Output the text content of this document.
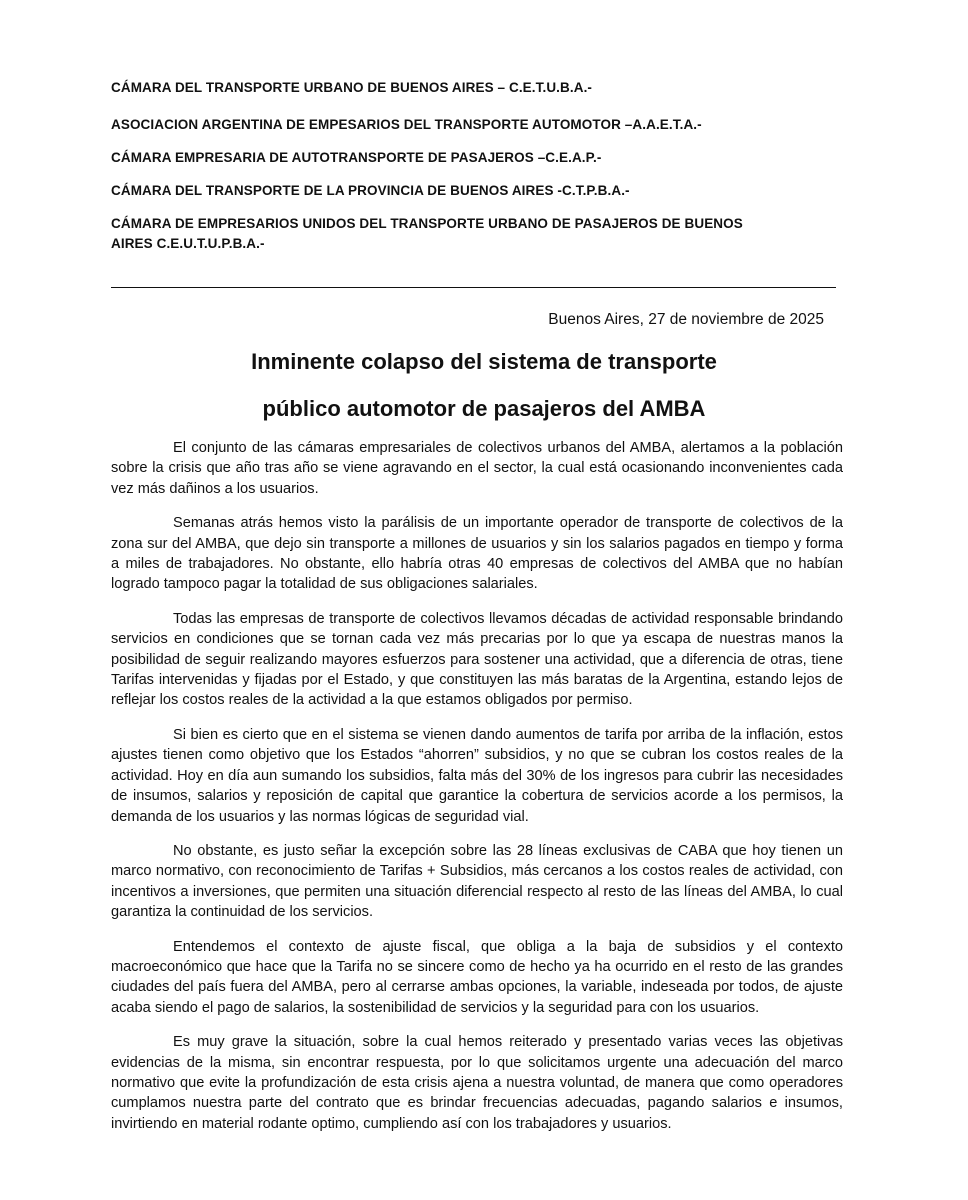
CÁMARA DEL TRANSPORTE URBANO DE BUENOS AIRES – C.E.T.U.B.A.-

ASOCIACION ARGENTINA DE EMPESARIOS DEL TRANSPORTE AUTOMOTOR –A.A.E.T.A.-

CÁMARA EMPRESARIA DE AUTOTRANSPORTE DE PASAJEROS –C.E.A.P.-

CÁMARA DEL TRANSPORTE DE LA PROVINCIA DE BUENOS AIRES -C.T.P.B.A.-

CÁMARA DE EMPRESARIOS UNIDOS DEL TRANSPORTE URBANO DE PASAJEROS DE BUENOS AIRES C.E.U.T.U.P.B.A.-

Buenos Aires, 27 de noviembre de 2025
Inminente colapso del sistema de transporte
público automotor de pasajeros del AMBA

El conjunto de las cámaras empresariales de colectivos urbanos del AMBA, alertamos a la población sobre la crisis que año tras año se viene agravando en el sector, la cual está ocasionando inconvenientes cada vez más dañinos a los usuarios.

Semanas atrás hemos visto la parálisis de un importante operador de transporte de colectivos de la zona sur del AMBA, que dejo sin transporte a millones de usuarios y sin los salarios pagados en tiempo y forma a miles de trabajadores. No obstante, ello habría otras 40 empresas de colectivos del AMBA que no habían logrado tampoco pagar la totalidad de sus obligaciones salariales.

Todas las empresas de transporte de colectivos llevamos décadas de actividad responsable brindando servicios en condiciones que se tornan cada vez más precarias por lo que ya escapa de nuestras manos la posibilidad de seguir realizando mayores esfuerzos para sostener una actividad, que a diferencia de otras, tiene Tarifas intervenidas y fijadas por el Estado, y que constituyen las más baratas de la Argentina, estando lejos de reflejar los costos reales de la actividad a la que estamos obligados por permiso.

Si bien es cierto que en el sistema se vienen dando aumentos de tarifa por arriba de la inflación, estos ajustes tienen como objetivo que los Estados “ahorren” subsidios, y no que se cubran los costos reales de la actividad. Hoy en día aun sumando los subsidios, falta más del 30% de los ingresos para cubrir las necesidades de insumos, salarios y reposición de capital que garantice la cobertura de servicios acorde a los permisos, la demanda de los usuarios y las normas lógicas de seguridad vial.

No obstante, es justo señar la excepción sobre las 28 líneas exclusivas de CABA que hoy tienen un marco normativo, con reconocimiento de Tarifas + Subsidios, más cercanos a los costos reales de actividad, con incentivos a inversiones, que permiten una situación diferencial respecto al resto de las líneas del AMBA, lo cual garantiza la continuidad de los servicios.

Entendemos el contexto de ajuste fiscal, que obliga a la baja de subsidios y el contexto macroeconómico que hace que la Tarifa no se sincere como de hecho ya ha ocurrido en el resto de las grandes ciudades del país fuera del AMBA, pero al cerrarse ambas opciones, la variable, indeseada por todos, de ajuste acaba siendo el pago de salarios, la sostenibilidad de servicios y la seguridad para con los usuarios.

Es muy grave la situación, sobre la cual hemos reiterado y presentado varias veces las objetivas evidencias de la misma, sin encontrar respuesta, por lo que solicitamos urgente una adecuación del marco normativo que evite la profundización de esta crisis ajena a nuestra voluntad, de manera que como operadores cumplamos nuestra parte del contrato que es brindar frecuencias adecuadas, pagando salarios e insumos, invirtiendo en material rodante optimo, cumpliendo así con los trabajadores y usuarios.
